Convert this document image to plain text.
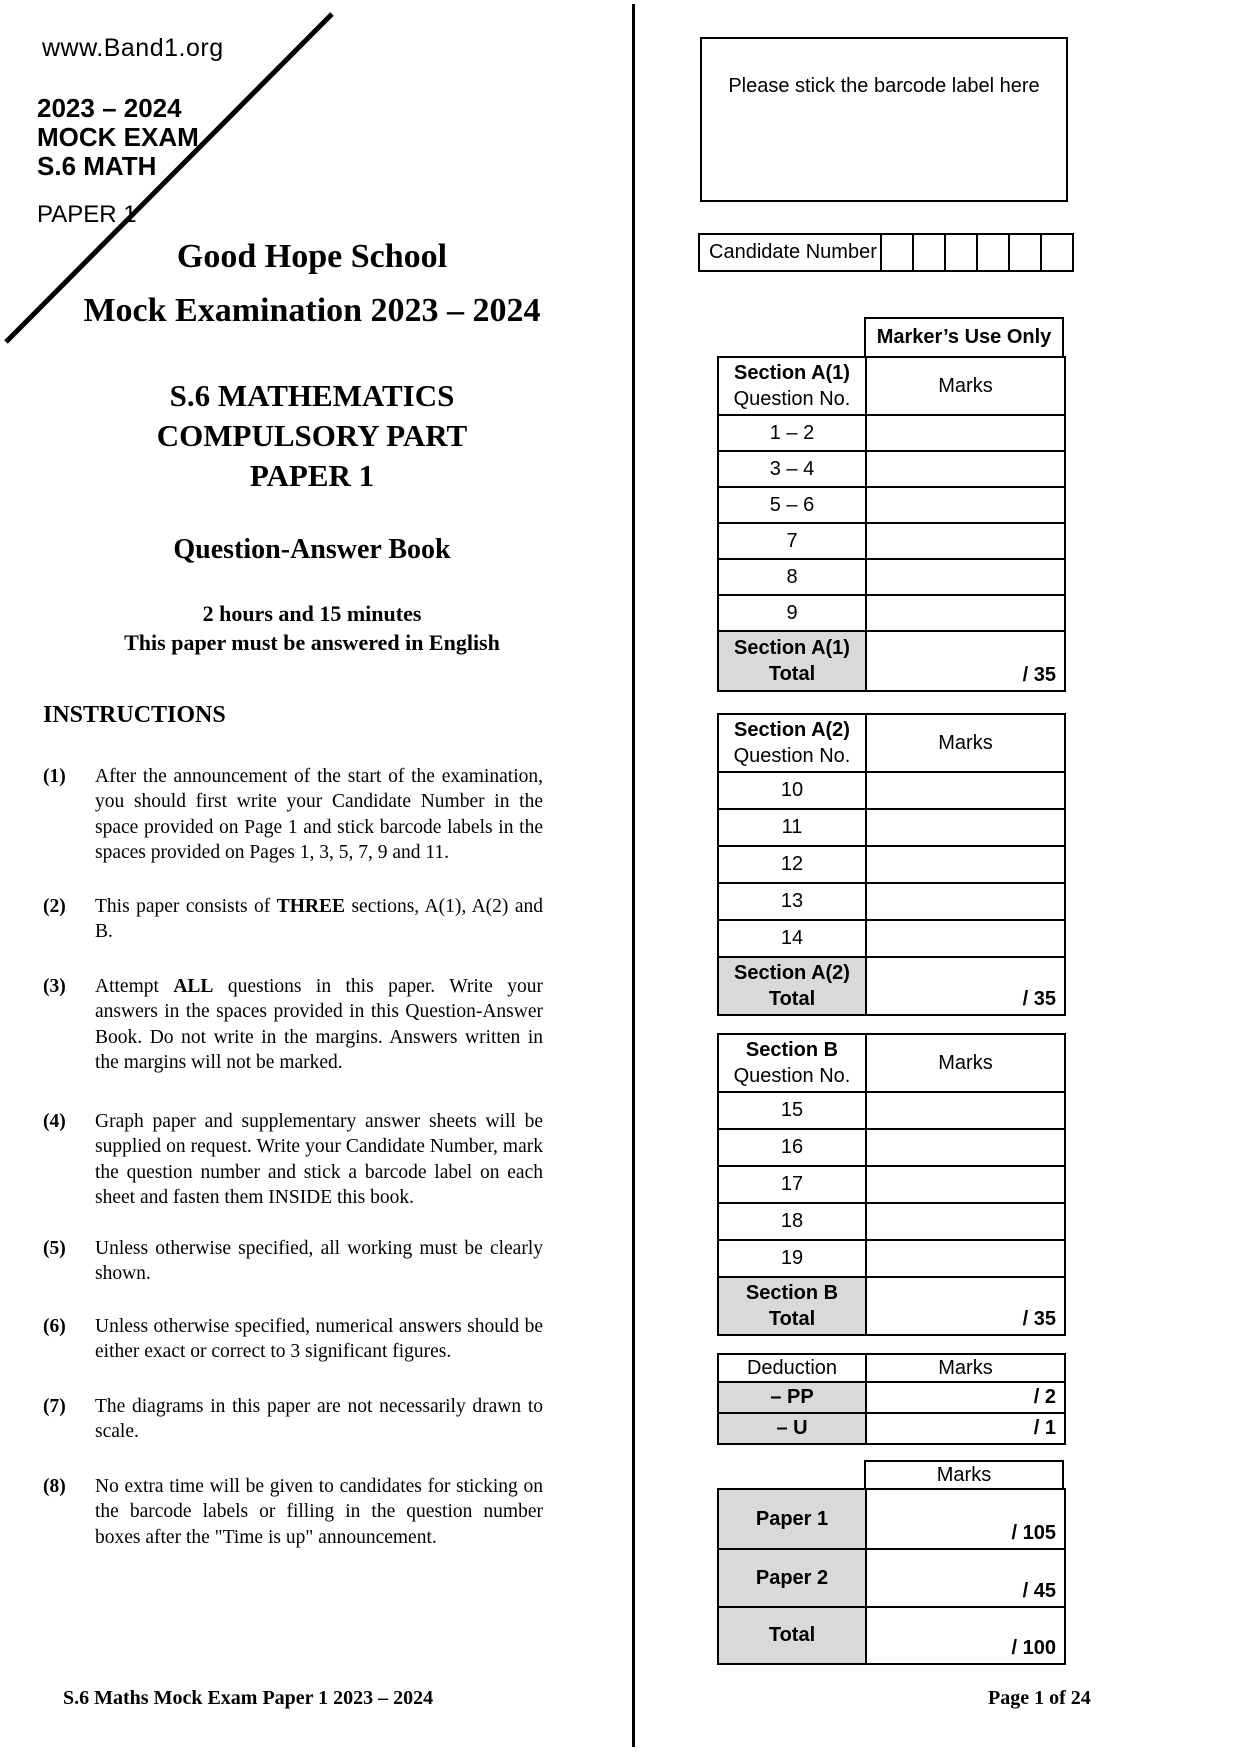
www.Band1.org
2023 – 2024
MOCK EXAM
S.6 MATH
PAPER 1
Good Hope School
Mock Examination 2023 – 2024
S.6 MATHEMATICS
COMPULSORY PART
PAPER 1
Question-Answer Book
2 hours and 15 minutes
This paper must be answered in English
INSTRUCTIONS
(1) After the announcement of the start of the examination, you should first write your Candidate Number in the space provided on Page 1 and stick barcode labels in the spaces provided on Pages 1, 3, 5, 7, 9 and 11.
(2) This paper consists of THREE sections, A(1), A(2) and B.
(3) Attempt ALL questions in this paper. Write your answers in the spaces provided in this Question-Answer Book. Do not write in the margins. Answers written in the margins will not be marked.
(4) Graph paper and supplementary answer sheets will be supplied on request. Write your Candidate Number, mark the question number and stick a barcode label on each sheet and fasten them INSIDE this book.
(5) Unless otherwise specified, all working must be clearly shown.
(6) Unless otherwise specified, numerical answers should be either exact or correct to 3 significant figures.
(7) The diagrams in this paper are not necessarily drawn to scale.
(8) No extra time will be given to candidates for sticking on the barcode labels or filling in the question number boxes after the "Time is up" announcement.
S.6 Maths Mock Exam Paper 1 2023 – 2024	Page 1 of 24
Please stick the barcode label here
Candidate Number						
Marker’s Use Only
Section A(1)
Question No.	Marks
1 – 2	
3 – 4	
5 – 6	
7	
8	
9	

Section A(1)
Total	/ 35
Section A(2)
Question No.	Marks
10	
11	
12	
13	
14	

Section A(2)
Total	/ 35
Section B
Question No.	Marks
15	
16	
17	
18	
19	

Section B
Total	/ 35
Deduction	Marks
– PP	/ 2
– U	/ 1
Marks
Paper 1	/ 105
Paper 2	/ 45
Total	/ 100
